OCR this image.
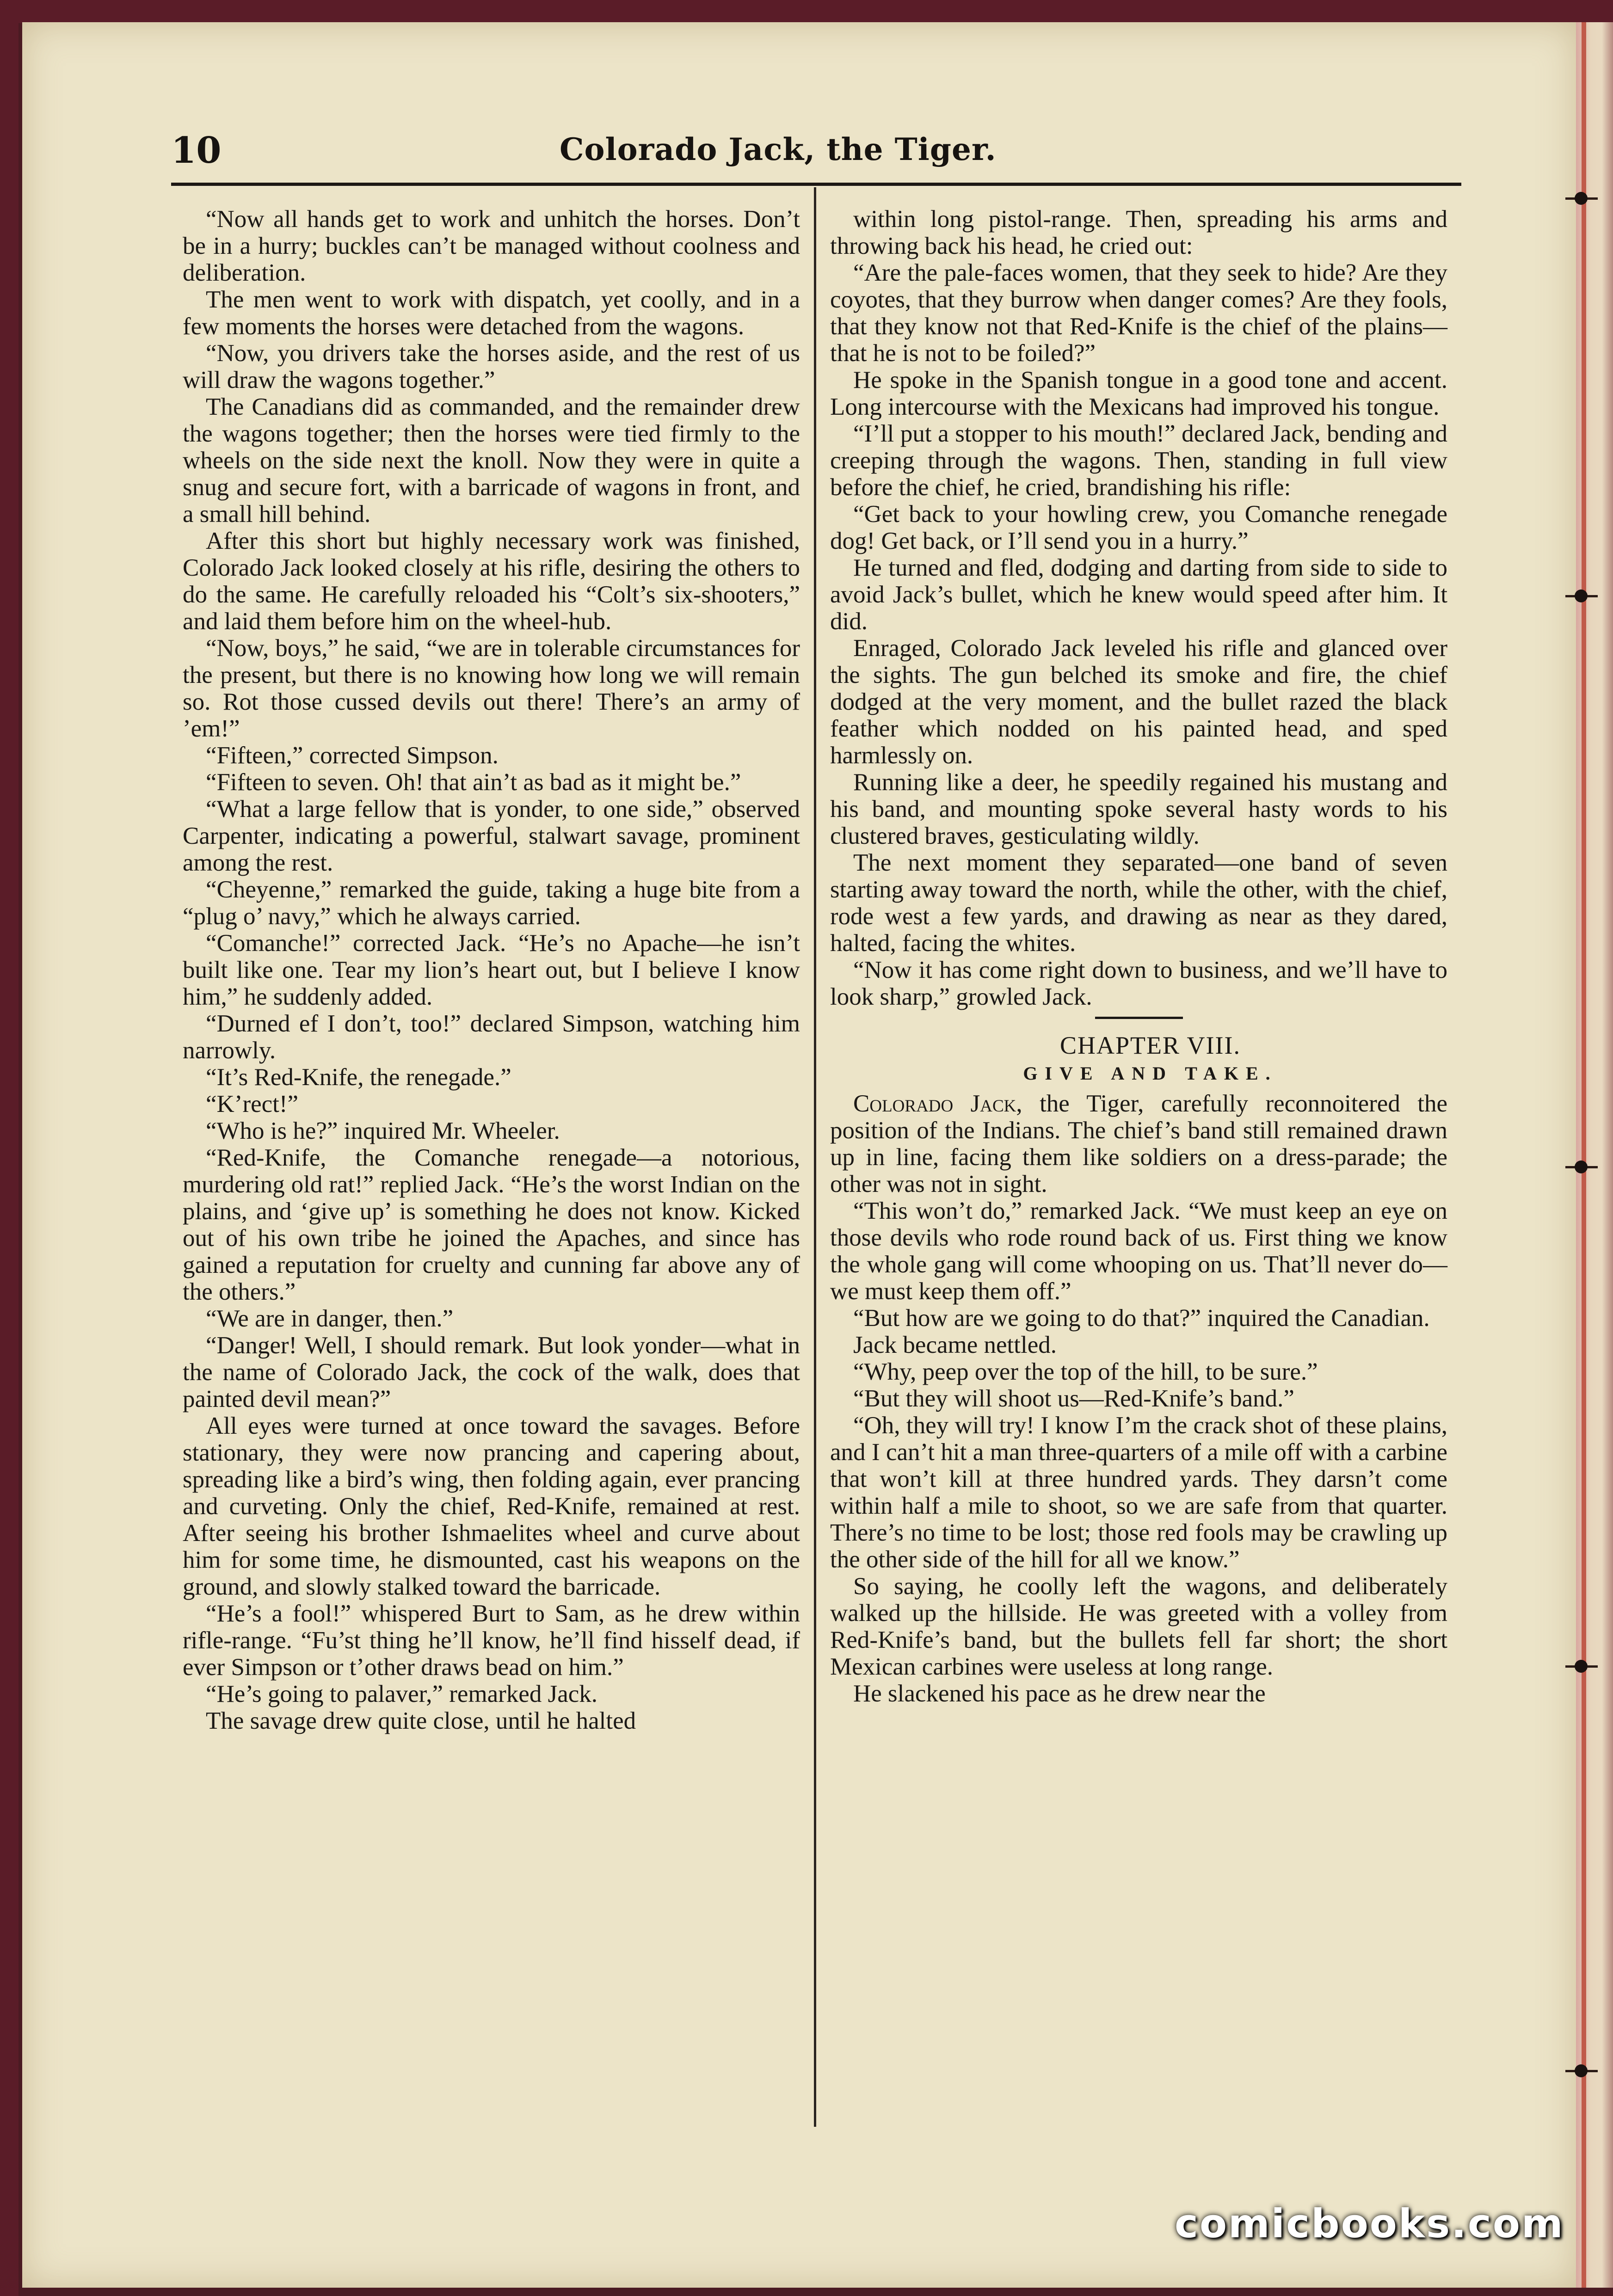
10	Colorado Jack, the Tiger.

“Now all hands get to work and unhitch the horses. Don’t be in a hurry; buckles can’t be managed without coolness and deliberation.

The men went to work with dispatch, yet coolly, and in a few moments the horses were detached from the wagons.

“Now, you drivers take the horses aside, and the rest of us will draw the wagons together.”

The Canadians did as commanded, and the remainder drew the wagons together; then the horses were tied firmly to the wheels on the side next the knoll. Now they were in quite a snug and secure fort, with a barricade of wagons in front, and a small hill behind.

After this short but highly necessary work was finished, Colorado Jack looked closely at his rifle, desiring the others to do the same. He carefully reloaded his “Colt’s six-shooters,” and laid them before him on the wheel-hub.

“Now, boys,” he said, “we are in tolerable circumstances for the present, but there is no knowing how long we will remain so. Rot those cussed devils out there! There’s an army of ’em!”

“Fifteen,” corrected Simpson.

“Fifteen to seven. Oh! that ain’t as bad as it might be.”

“What a large fellow that is yonder, to one side,” observed Carpenter, indicating a powerful, stalwart savage, prominent among the rest.

“Cheyenne,” remarked the guide, taking a huge bite from a “plug o’ navy,” which he always carried.

“Comanche!” corrected Jack. “He’s no Apache—he isn’t built like one. Tear my lion’s heart out, but I believe I know him,” he suddenly added.

“Durned ef I don’t, too!” declared Simpson, watching him narrowly.

“It’s Red-Knife, the renegade.”

“K’rect!”

“Who is he?” inquired Mr. Wheeler.

“Red-Knife, the Comanche renegade—a notorious, murdering old rat!” replied Jack. “He’s the worst Indian on the plains, and ‘give up’ is something he does not know. Kicked out of his own tribe he joined the Apaches, and since has gained a reputation for cruelty and cunning far above any of the others.”

“We are in danger, then.”

“Danger! Well, I should remark. But look yonder—what in the name of Colorado Jack, the cock of the walk, does that painted devil mean?”

All eyes were turned at once toward the savages. Before stationary, they were now prancing and capering about, spreading like a bird’s wing, then folding again, ever prancing and curveting. Only the chief, Red-Knife, remained at rest. After seeing his brother Ishmaelites wheel and curve about him for some time, he dismounted, cast his weapons on the ground, and slowly stalked toward the barricade.

“He’s a fool!” whispered Burt to Sam, as he drew within rifle-range. “Fu’st thing he’ll know, he’ll find hisself dead, if ever Simpson or t’other draws bead on him.”

“He’s going to palaver,” remarked Jack.

The savage drew quite close, until he halted

within long pistol-range. Then, spreading his arms and throwing back his head, he cried out:

“Are the pale-faces women, that they seek to hide? Are they coyotes, that they burrow when danger comes? Are they fools, that they know not that Red-Knife is the chief of the plains—that he is not to be foiled?”

He spoke in the Spanish tongue in a good tone and accent. Long intercourse with the Mexicans had improved his tongue.

“I’ll put a stopper to his mouth!” declared Jack, bending and creeping through the wagons. Then, standing in full view before the chief, he cried, brandishing his rifle:

“Get back to your howling crew, you Comanche renegade dog! Get back, or I’ll send you in a hurry.”

He turned and fled, dodging and darting from side to side to avoid Jack’s bullet, which he knew would speed after him. It did.

Enraged, Colorado Jack leveled his rifle and glanced over the sights. The gun belched its smoke and fire, the chief dodged at the very moment, and the bullet razed the black feather which nodded on his painted head, and sped harmlessly on.

Running like a deer, he speedily regained his mustang and his band, and mounting spoke several hasty words to his clustered braves, gesticulating wildly.

The next moment they separated—one band of seven starting away toward the north, while the other, with the chief, rode west a few yards, and drawing as near as they dared, halted, facing the whites.

“Now it has come right down to business, and we’ll have to look sharp,” growled Jack.

CHAPTER VIII.

GIVE AND TAKE.

Colorado Jack, the Tiger, carefully reconnoitered the position of the Indians. The chief’s band still remained drawn up in line, facing them like soldiers on a dress-parade; the other was not in sight.

“This won’t do,” remarked Jack. “We must keep an eye on those devils who rode round back of us. First thing we know the whole gang will come whooping on us. That’ll never do—we must keep them off.”

“But how are we going to do that?” inquired the Canadian.

Jack became nettled.

“Why, peep over the top of the hill, to be sure.”

“But they will shoot us—Red-Knife’s band.”

“Oh, they will try! I know I’m the crack shot of these plains, and I can’t hit a man three-quarters of a mile off with a carbine that won’t kill at three hundred yards. They darsn’t come within half a mile to shoot, so we are safe from that quarter. There’s no time to be lost; those red fools may be crawling up the other side of the hill for all we know.”

So saying, he coolly left the wagons, and deliberately walked up the hillside. He was greeted with a volley from Red-Knife’s band, but the bullets fell far short; the short Mexican carbines were useless at long range.

He slackened his pace as he drew near the

comicbooks.com
